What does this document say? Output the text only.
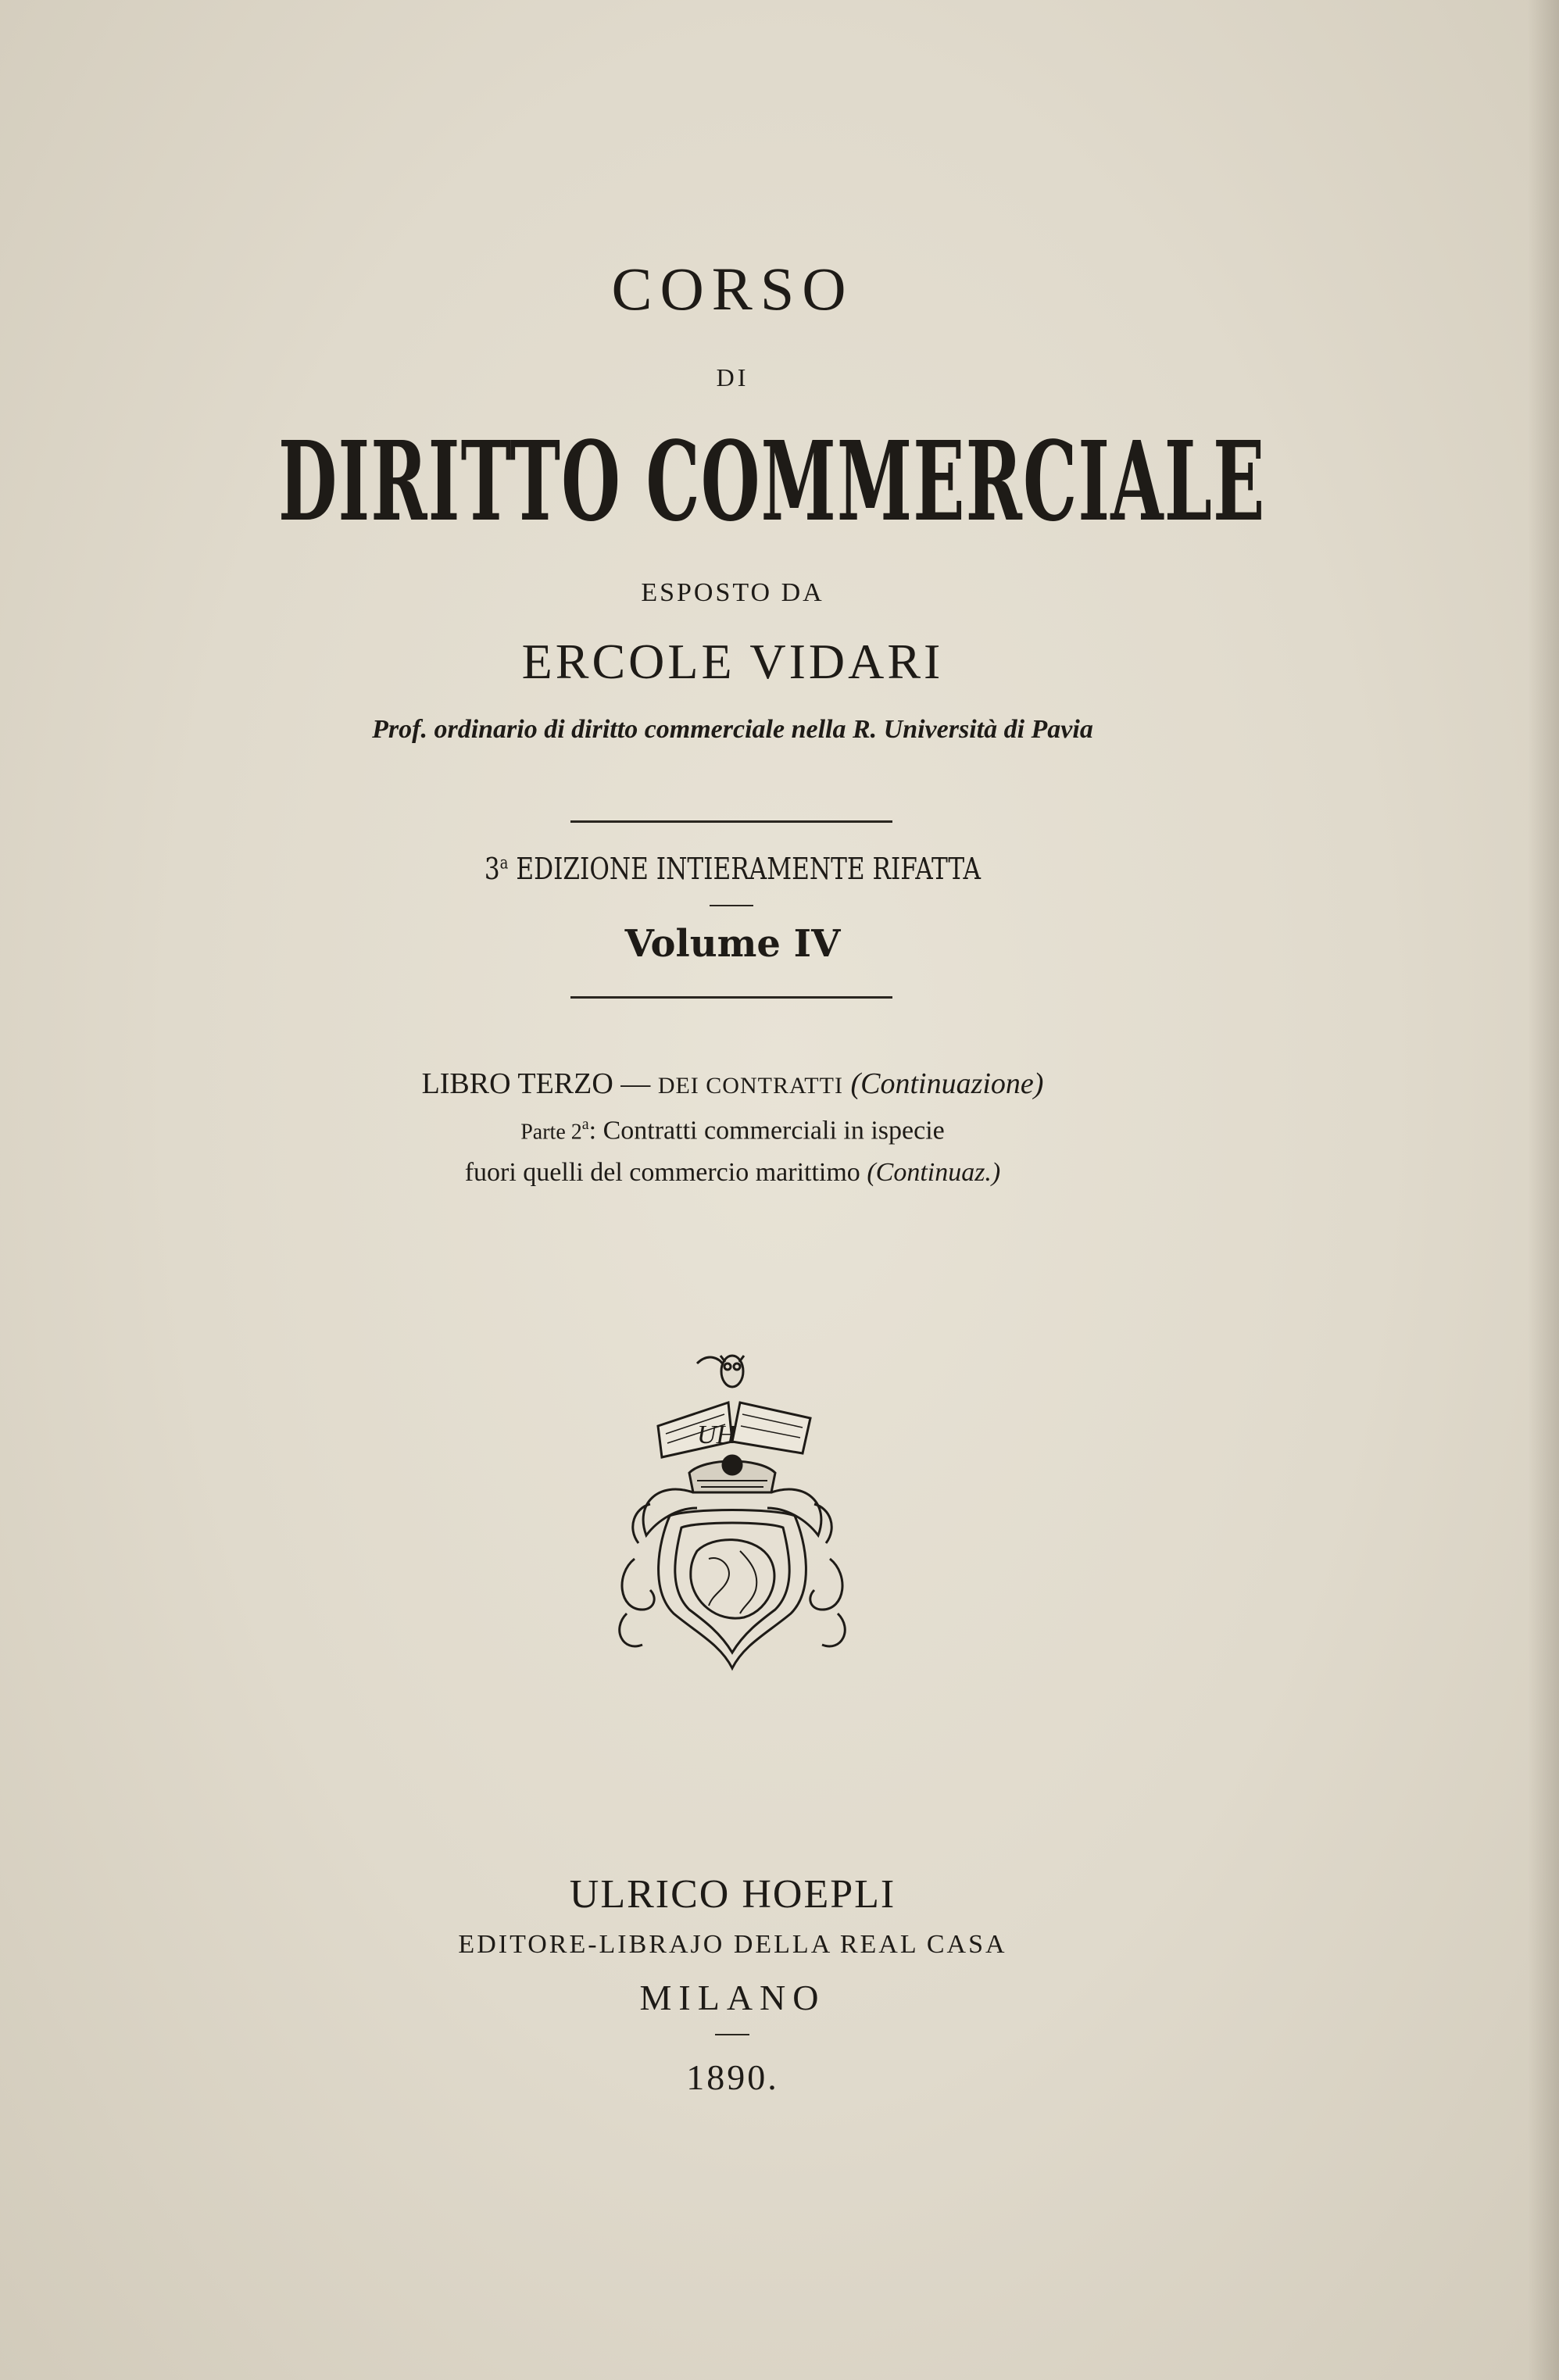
CORSO
DI
DIRITTO COMMERCIALE
ESPOSTO DA
ERCOLE VIDARI
Prof. ordinario di diritto commerciale nella R. Università di Pavia
3$^a$ EDIZIONE INTIERAMENTE RIFATTA
Volume IV
LIBRO TERZO — DEI CONTRATTI (Continuazione)
Parte 2$^a$: Contratti commerciali in ispecie
fuori quelli del commercio marittimo (Continuaz.)
UH
ULRICO HOEPLI
EDITORE-LIBRAJO DELLA REAL CASA
MILANO
1890.
